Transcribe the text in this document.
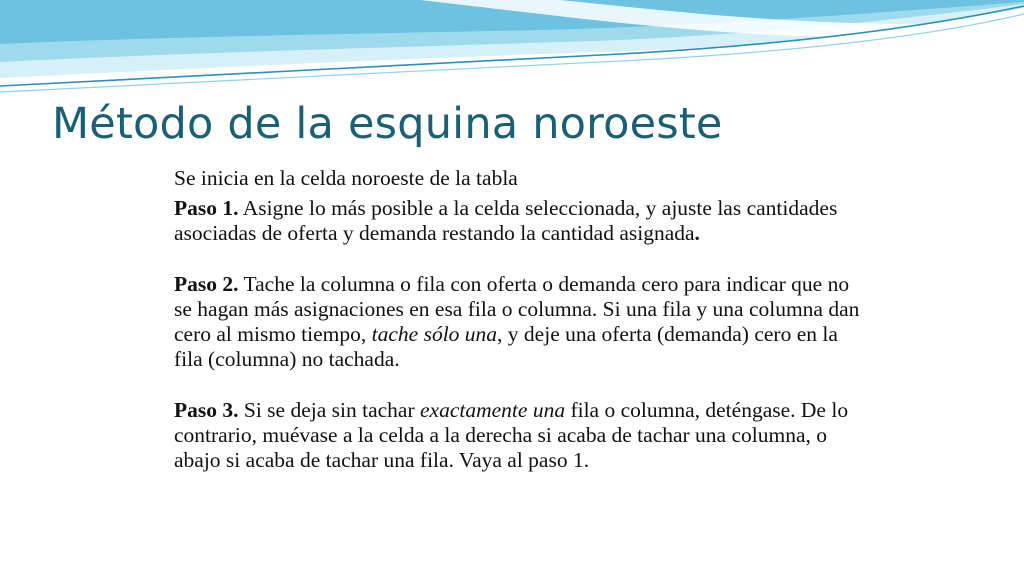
Método de la esquina noroeste

Se inicia en la celda noroeste de la tabla

Paso 1. Asigne lo más posible a la celda seleccionada, y ajuste las cantidades asociadas de oferta y demanda restando la cantidad asignada.

Paso 2. Tache la columna o fila con oferta o demanda cero para indicar que no se hagan más asignaciones en esa fila o columna. Si una fila y una columna dan cero al mismo tiempo, tache sólo una, y deje una oferta (demanda) cero en la fila (columna) no tachada.

Paso 3. Si se deja sin tachar exactamente una fila o columna, deténgase. De lo contrario, muévase a la celda a la derecha si acaba de tachar una columna, o abajo si acaba de tachar una fila. Vaya al paso 1.
